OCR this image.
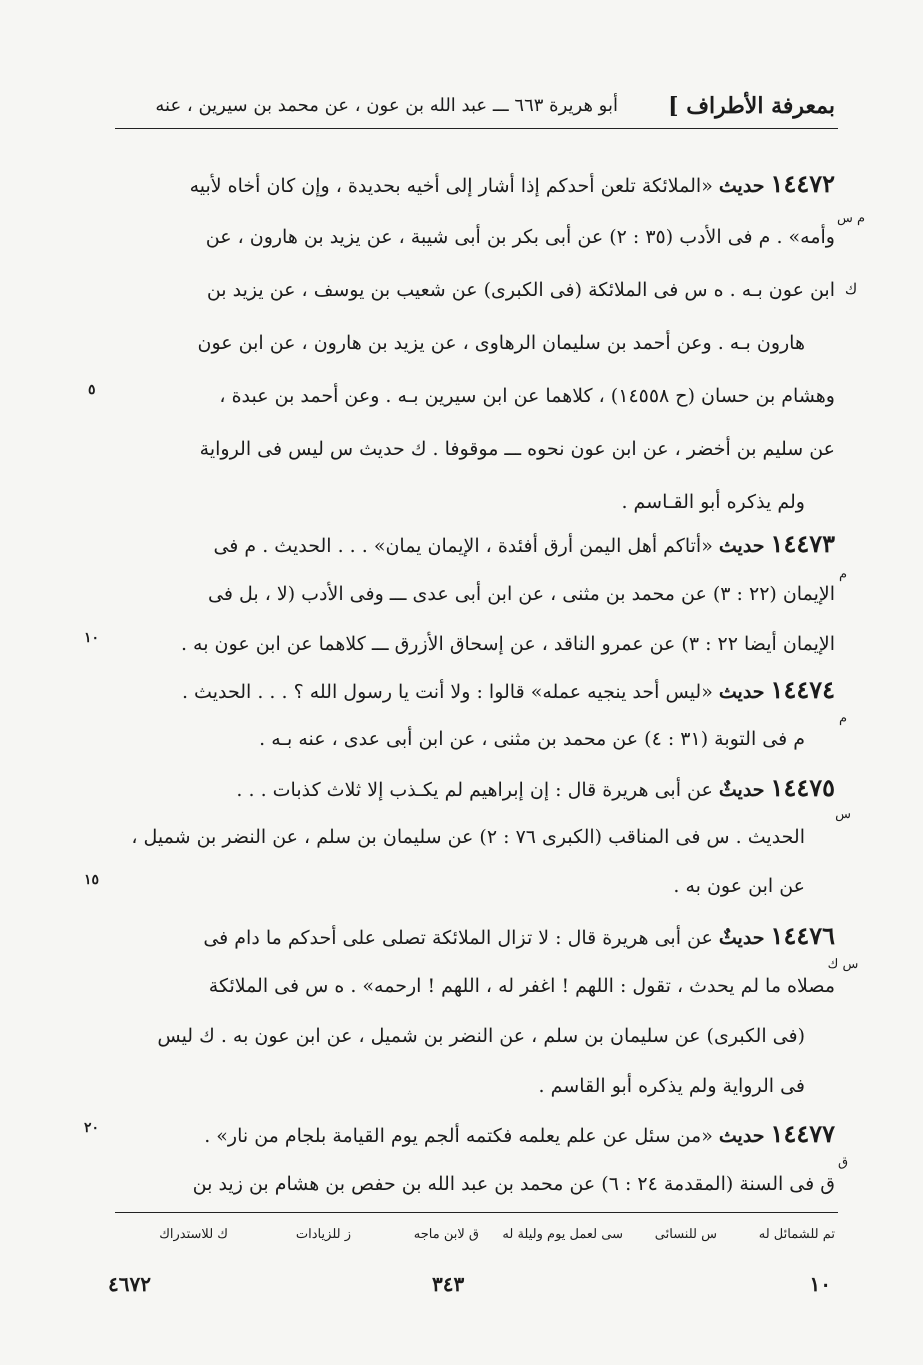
بمعرفة الأطراف ]
أبو هريرة ٦٦٣ ـــ عبد الله بن عون ، عن محمد بن سيرين ، عنه
١٤٤٧٢حديث «الملائكة تلعن أحدكم إذا أشار إلى أخيه بحديدة ، وإن كان أخاه لأبيه
وأمه» . م فى الأدب (٣٥ : ٢) عن أبى بكر بن أبى شيبة ، عن يزيد بن هارون ، عن
ابن عون بـه . ه س فى الملائكة (فى الكبرى) عن شعيب بن يوسف ، عن يزيد بن
هارون بـه . وعن أحمد بن سليمان الرهاوى ، عن يزيد بن هارون ، عن ابن عون
وهشام بن حسان (ح ١٤٥٥٨) ، كلاهما عن ابن سيرين بـه . وعن أحمد بن عبدة ،
عن سليم بن أخضر ، عن ابن عون نحوه ـــ موقوفا . ك حديث س ليس فى الرواية
ولم يذكره أبو القـاسم .
١٤٤٧٣حديث «أتاكم أهل اليمن أرق أفئدة ، الإيمان يمان» . . . الحديث . م فى
الإيمان (٢٢ : ٣) عن محمد بن مثنى ، عن ابن أبى عدى ـــ وفى الأدب (لا ، بل فى
الإيمان أيضا ٢٢ : ٣) عن عمرو الناقد ، عن إسحاق الأزرق ـــ كلاهما عن ابن عون به .
١٤٤٧٤حديث «ليس أحد ينجيه عمله» قالوا : ولا أنت يا رسول الله ؟ . . . الحديث .
م فى التوبة (٣١ : ٤) عن محمد بن مثنى ، عن ابن أبى عدى ، عنه بـه .
١٤٤٧٥حديثٌ عن أبى هريرة قال : إن إبراهيم لم يكـذب إلا ثلاث كذبات . . .
الحديث . س فى المناقب (الكبرى ٧٦ : ٢) عن سليمان بن سلم ، عن النضر بن شميل ،
عن ابن عون به .
١٤٤٧٦حديثٌ عن أبى هريرة قال : لا تزال الملائكة تصلى على أحدكم ما دام فى
مصلاه ما لم يحدث ، تقول : اللهم ! اغفر له ، اللهم ! ارحمه» . ه س فى الملائكة
(فى الكبرى) عن سليمان بن سلم ، عن النضر بن شميل ، عن ابن عون به . ك ليس
فى الرواية ولم يذكره أبو القاسم .
١٤٤٧٧حديث «من سئل عن علم يعلمه فكتمه ألجم يوم القيامة بلجام من نار» .
ق فى السنة (المقدمة ٢٤ : ٦) عن محمد بن عبد الله بن حفص بن هشام بن زيد بن
م س
ك
م
م
س
س ك
ق
٥
١٠
١٥
٢٠
تم للشمائل له
س للنسائى
سى لعمل يوم وليلة له
ق لابن ماجه
ز للزيادات
ك للاستدراك
٤٦٧٢	٣٤٣	١٠
